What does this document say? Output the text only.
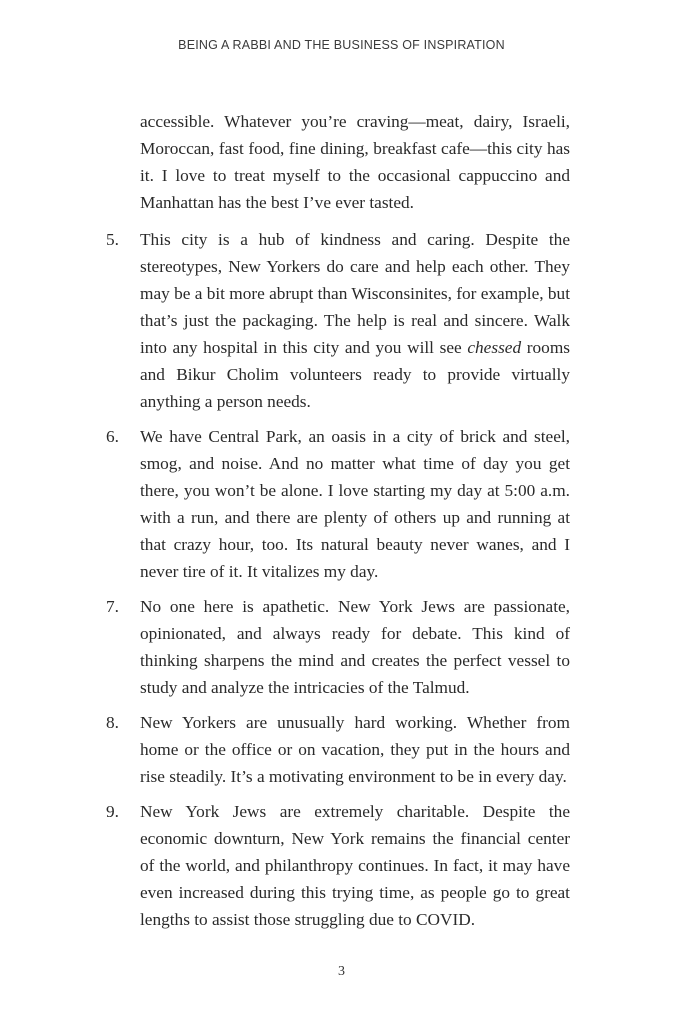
BEING A RABBI AND THE BUSINESS OF INSPIRATION

accessible. Whatever you’re craving—meat, dairy, Israeli, Moroccan, fast food, fine dining, breakfast cafe—this city has it. I love to treat myself to the occasional cappuccino and Manhattan has the best I’ve ever tasted.

5.	This city is a hub of kindness and caring. Despite the stereotypes, New Yorkers do care and help each other. They may be a bit more abrupt than Wisconsinites, for example, but that’s just the packaging. The help is real and sincere. Walk into any hospital in this city and you will see chessed rooms and Bikur Cholim volunteers ready to provide virtually anything a person needs.
6.	We have Central Park, an oasis in a city of brick and steel, smog, and noise. And no matter what time of day you get there, you won’t be alone. I love starting my day at 5:00 a.m. with a run, and there are plenty of others up and running at that crazy hour, too. Its natural beauty never wanes, and I never tire of it. It vitalizes my day.
7.	No one here is apathetic. New York Jews are passionate, opinionated, and always ready for debate. This kind of thinking sharpens the mind and creates the perfect vessel to study and analyze the intricacies of the Talmud.
8.	New Yorkers are unusually hard working. Whether from home or the office or on vacation, they put in the hours and rise steadily. It’s a motivating environment to be in every day.
9.	New York Jews are extremely charitable. Despite the economic downturn, New York remains the financial center of the world, and philanthropy continues. In fact, it may have even increased during this trying time, as people go to great lengths to assist those struggling due to COVID.
3
